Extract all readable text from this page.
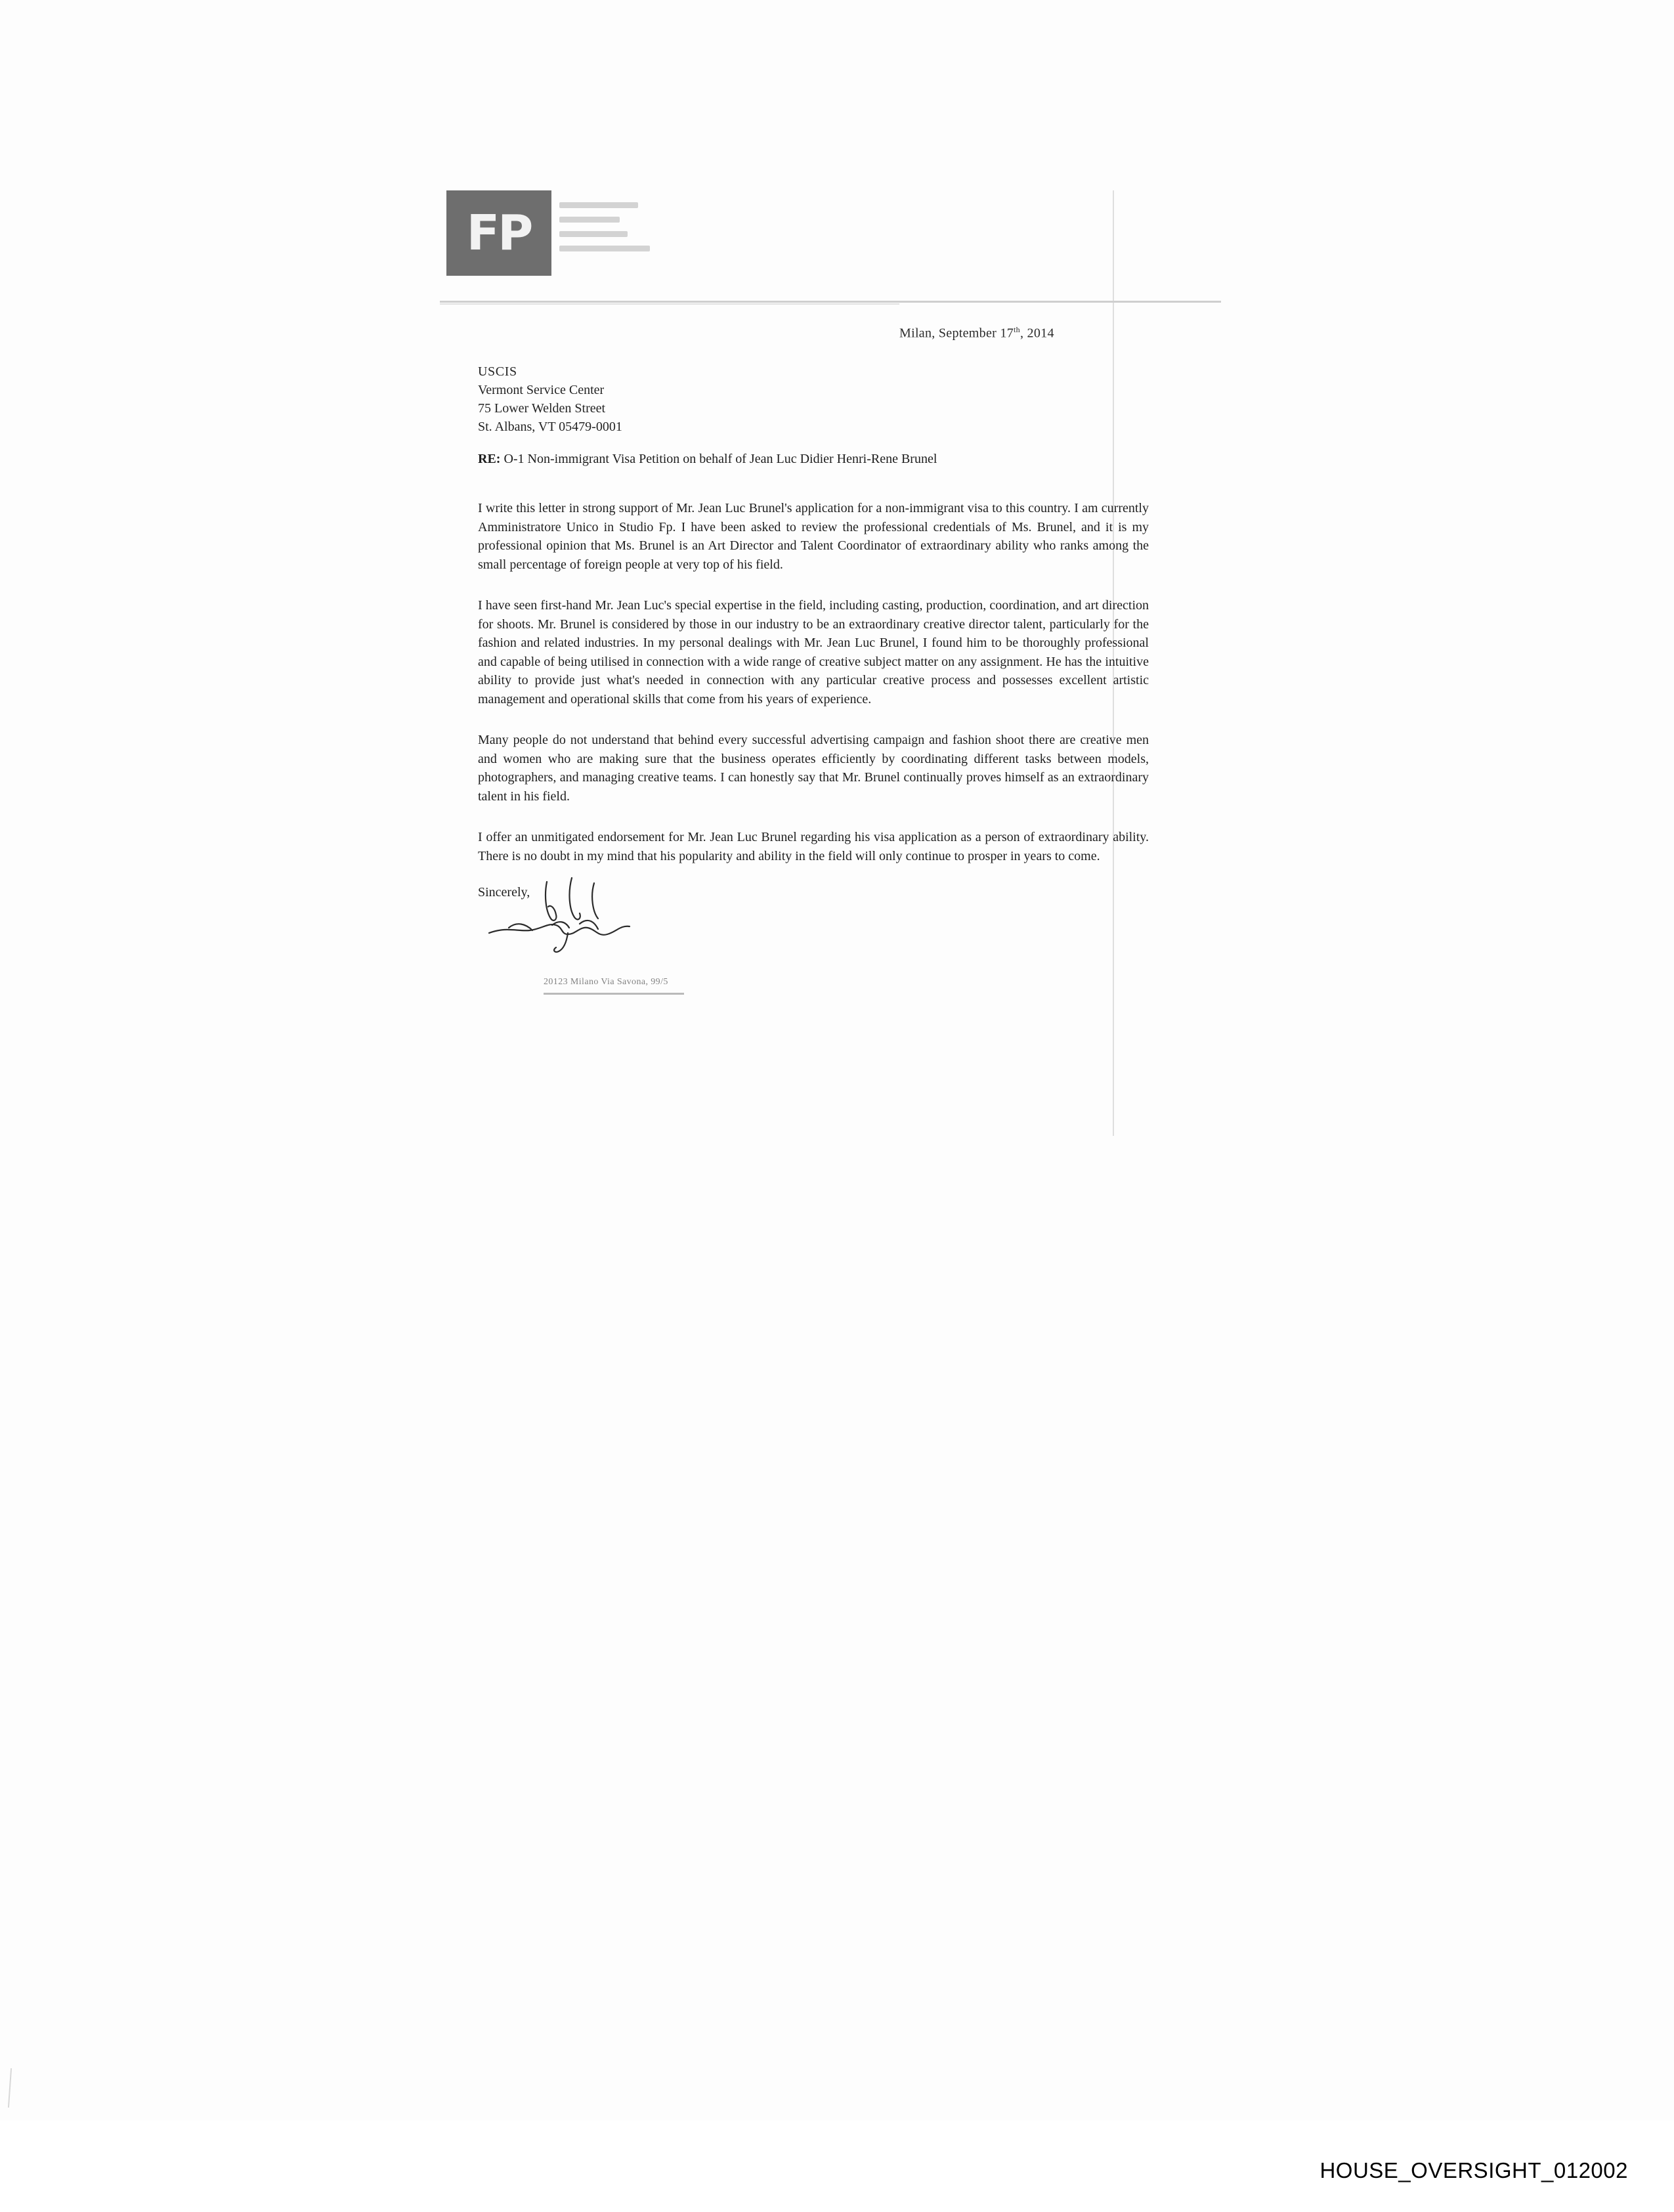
FP
Milan, September 17th, 2014
USCIS
Vermont Service Center
75 Lower Welden Street
St. Albans, VT 05479-0001
RE: O-1 Non-immigrant Visa Petition on behalf of Jean Luc Didier Henri-Rene Brunel

I write this letter in strong support of Mr. Jean Luc Brunel's application for a non-immigrant visa to this country. I am currently Amministratore Unico in Studio Fp. I have been asked to review the professional credentials of Ms. Brunel, and it is my professional opinion that Ms. Brunel is an Art Director and Talent Coordinator of extraordinary ability who ranks among the small percentage of foreign people at very top of his field.

I have seen first-hand Mr. Jean Luc's special expertise in the field, including casting, production, coordination, and art direction for shoots. Mr. Brunel is considered by those in our industry to be an extraordinary creative director talent, particularly for the fashion and related industries. In my personal dealings with Mr. Jean Luc Brunel, I found him to be thoroughly professional and capable of being utilised in connection with a wide range of creative subject matter on any assignment. He has the intuitive ability to provide just what's needed in connection with any particular creative process and possesses excellent artistic management and operational skills that come from his years of experience.

Many people do not understand that behind every successful advertising campaign and fashion shoot there are creative men and women who are making sure that the business operates efficiently by coordinating different tasks between models, photographers, and managing creative teams. I can honestly say that Mr. Brunel continually proves himself as an extraordinary talent in his field.

I offer an unmitigated endorsement for Mr. Jean Luc Brunel regarding his visa application as a person of extraordinary ability. There is no doubt in my mind that his popularity and ability in the field will only continue to prosper in years to come.

Sincerely,
20123 Milano Via Savona, 99/5
HOUSE_OVERSIGHT_012002
